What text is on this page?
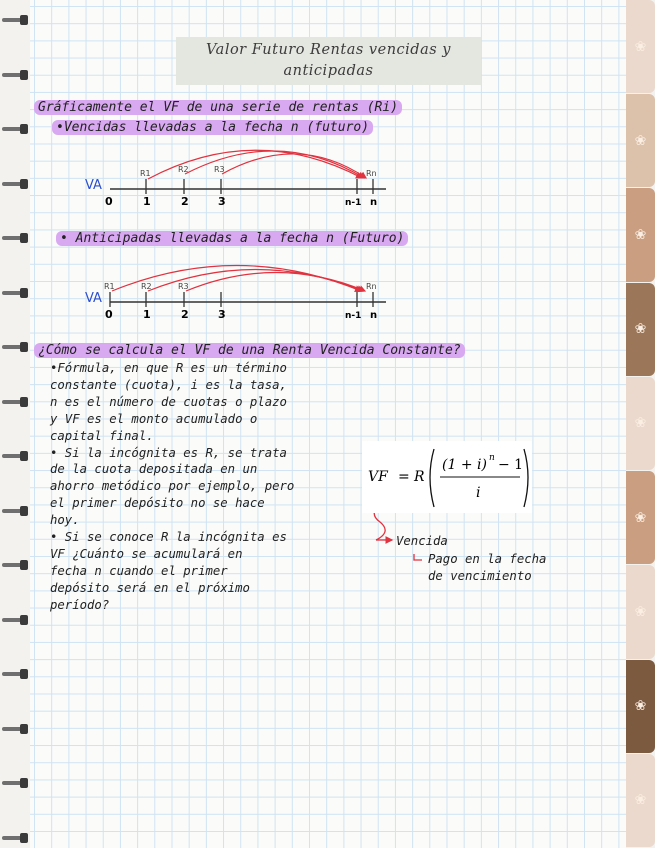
❀
❀
❀
❀
❀
❀
❀
❀
❀
Valor Futuro Rentas vencidas y
anticipadas
Gráficamente el VF de una serie de rentas (Ri)
•Vencidas llevadas a la fecha n (futuro)
• Anticipadas llevadas a la fecha n (Futuro)
¿Cómo se calcula el VF de una Renta Vencida Constante?
VA
0	1	2	3	n-1 n
R1	R2	R3	Rn
VA
0	1	2	3	n-1 n
R1	R2	R3	Rn

•Fórmula, en que R es un término

constante (cuota), i es la tasa,

n es el número de cuotas o plazo

y VF es el monto acumulado o

capital final.

• Si la incógnita es R, se trata

de la cuota depositada en un

ahorro metódico por ejemplo, pero

el primer depósito no se hace

hoy.

• Si se conoce R la incógnita es

VF ¿Cuánto se acumulará en

fecha n cuando el primer

depósito será en el próximo

período?

VF = R
(1 + i) n − 1
i
Vencida
Pago en la fecha
de vencimiento
